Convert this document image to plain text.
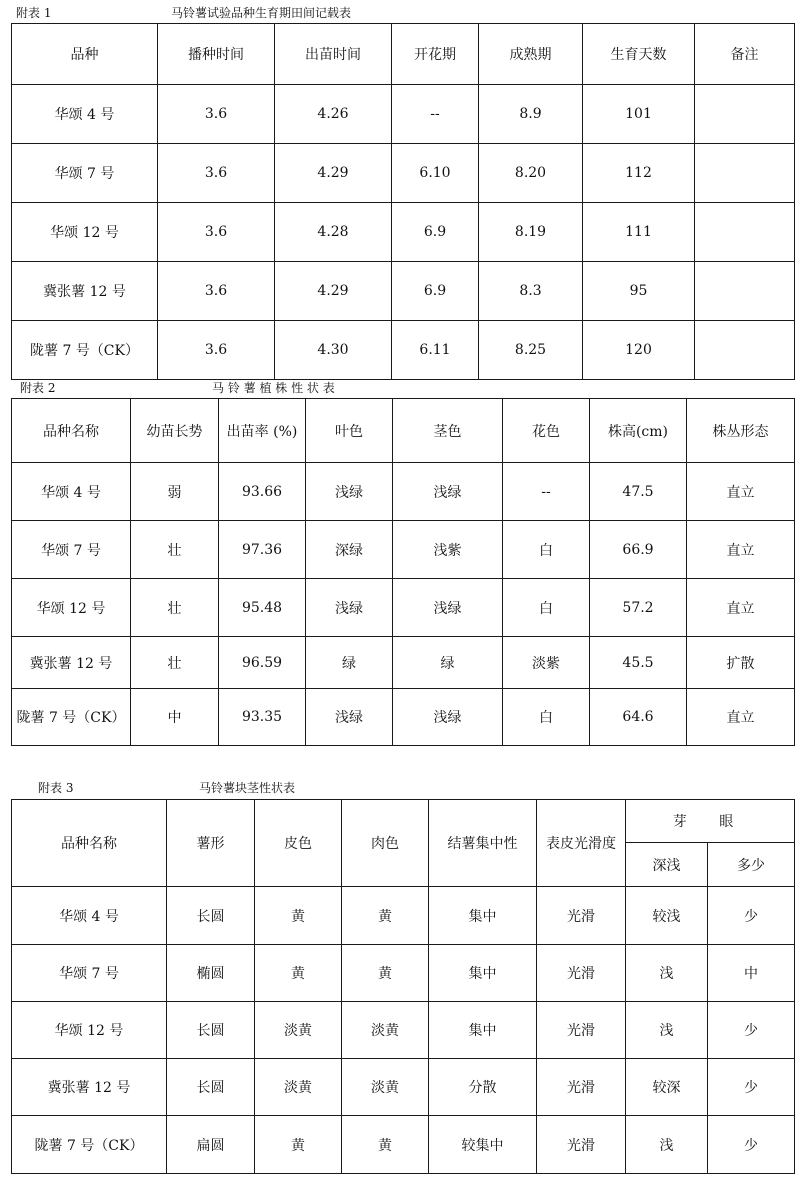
附表 1	马铃薯试验品种生育期田间记载表
品种	播种时间	出苗时间	开花期	成熟期	生育天数	备注
华颂 4 号	3.6	4.26	--	8.9	101	
华颂 7 号	3.6	4.29	6.10	8.20	112	
华颂 12 号	3.6	4.28	6.9	8.19	111	
冀张薯 12 号	3.6	4.29	6.9	8.3	95	
陇薯 7 号（CK）	3.6	4.30	6.11	8.25	120	
附表 2	马 铃 薯 植 株 性 状 表
品种名称	幼苗长势	出苗率 (%)	叶色	茎色	花色	株高(cm)	株丛形态
华颂 4 号	弱	93.66	浅绿	浅绿	--	47.5	直立
华颂 7 号	壮	97.36	深绿	浅紫	白	66.9	直立
华颂 12 号	壮	95.48	浅绿	浅绿	白	57.2	直立
冀张薯 12 号	壮	96.59	绿	绿	淡紫	45.5	扩散
陇薯 7 号（CK）	中	93.35	浅绿	浅绿	白	64.6	直立
附表 3	马铃薯块茎性状表
品种名称	薯形	皮色	肉色	结薯集中性	表皮光滑度	芽 眼	
						深浅	多少
华颂 4 号	长圆	黄	黄	集中	光滑	较浅	少
华颂 7 号	椭圆	黄	黄	集中	光滑	浅	中
华颂 12 号	长圆	淡黄	淡黄	集中	光滑	浅	少
冀张薯 12 号	长圆	淡黄	淡黄	分散	光滑	较深	少
陇薯 7 号（CK）	扁圆	黄	黄	较集中	光滑	浅	少
